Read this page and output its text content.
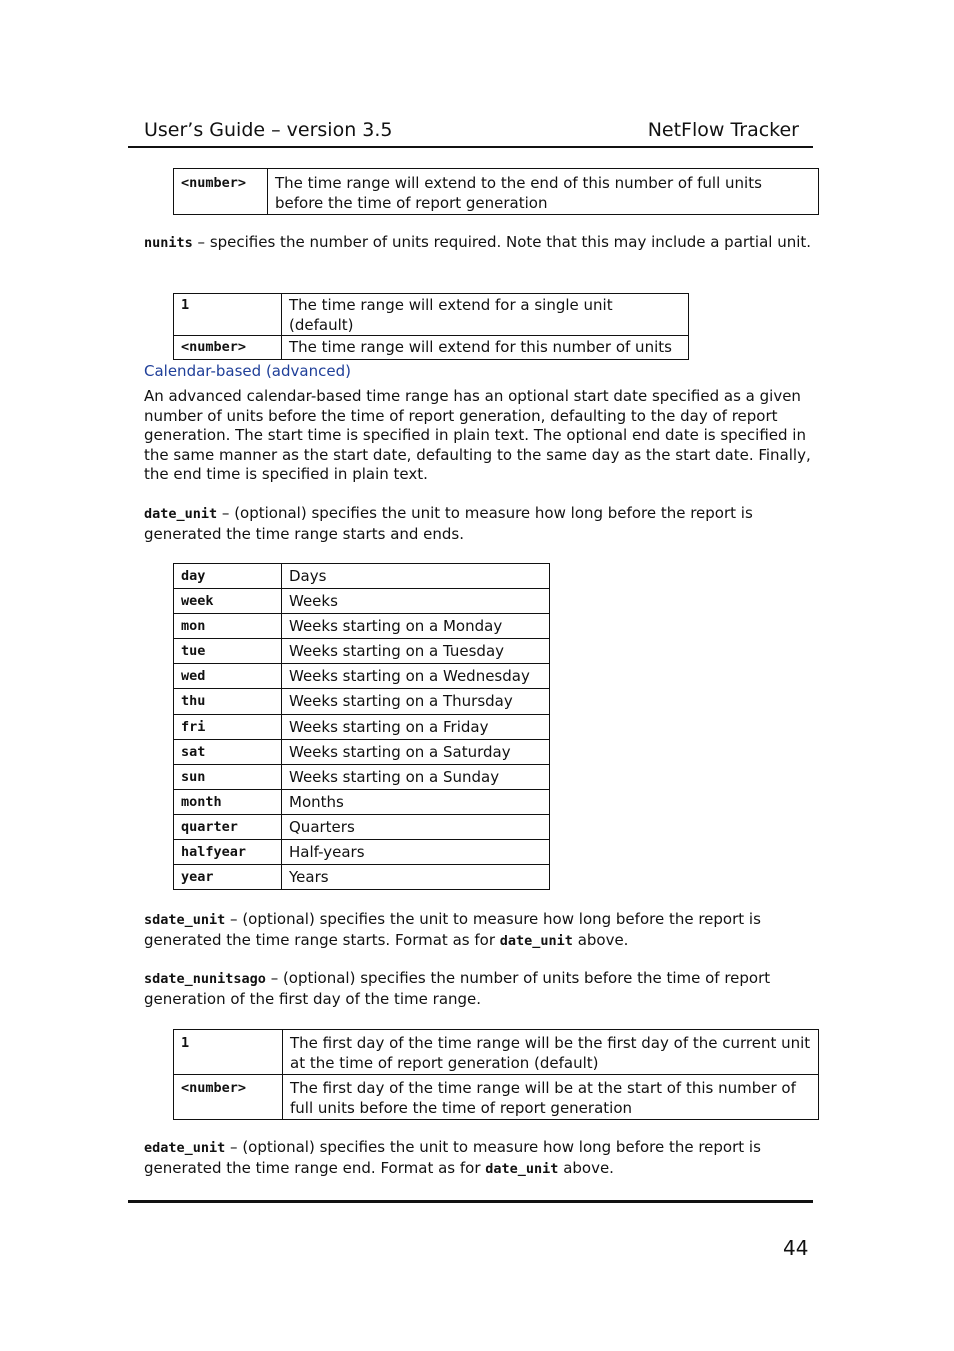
User’s Guide – version 3.5	NetFlow Tracker
<number>	The time range will extend to the end of this number of full units before the time of report generation

nunits – specifies the number of units required. Note that this may include a partial unit.

1	The time range will extend for a single unit (default)
<number>	The time range will extend for this number of units

Calendar-based (advanced)

An advanced calendar-based time range has an optional start date specified as a given number of units before the time of report generation, defaulting to the day of report generation. The start time is specified in plain text. The optional end date is specified in the same manner as the start date, defaulting to the same day as the start date. Finally, the end time is specified in plain text.

date_unit – (optional) specifies the unit to measure how long before the report is generated the time range starts and ends.

day	Days
week	Weeks
mon	Weeks starting on a Monday
tue	Weeks starting on a Tuesday
wed	Weeks starting on a Wednesday
thu	Weeks starting on a Thursday
fri	Weeks starting on a Friday
sat	Weeks starting on a Saturday
sun	Weeks starting on a Sunday
month	Months
quarter	Quarters
halfyear	Half-years
year	Years

sdate_unit – (optional) specifies the unit to measure how long before the report is generated the time range starts. Format as for date_unit above.

sdate_nunitsago – (optional) specifies the number of units before the time of report generation of the first day of the time range.

1	The first day of the time range will be the first day of the current unit at the time of report generation (default)
<number>	The first day of the time range will be at the start of this number of full units before the time of report generation

edate_unit – (optional) specifies the unit to measure how long before the report is generated the time range end. Format as for date_unit above.

44
